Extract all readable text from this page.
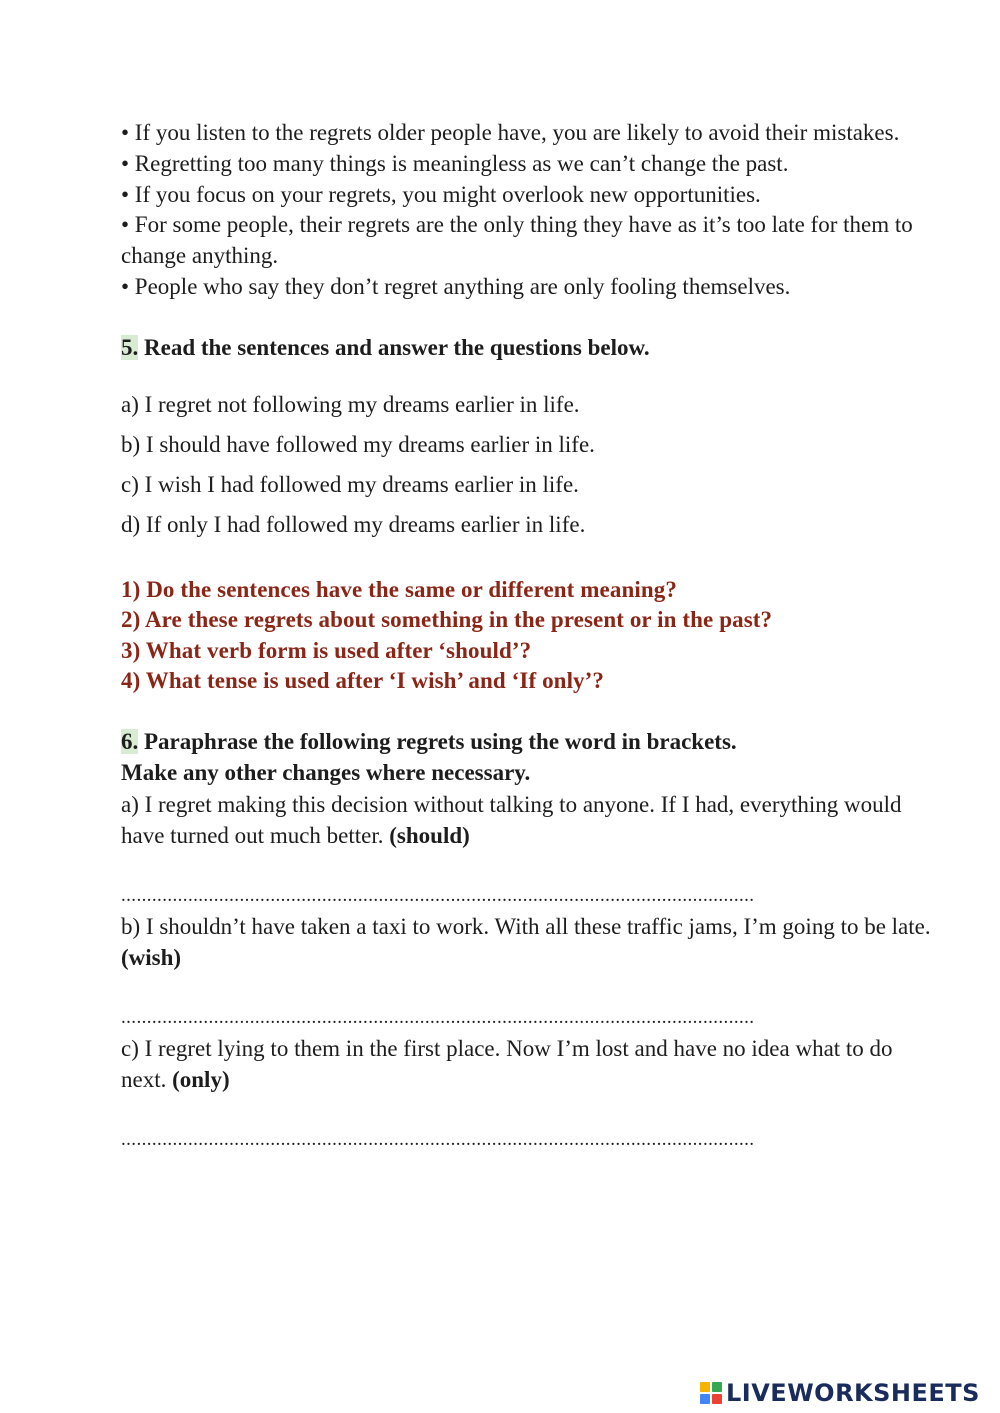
• If you listen to the regrets older people have, you are likely to avoid their mistakes.

• Regretting too many things is meaningless as we can’t change the past.

• If you focus on your regrets, you might overlook new opportunities.

• For some people, their regrets are the only thing they have as it’s too late for them to change anything.

• People who say they don’t regret anything are only fooling themselves.

5. Read the sentences and answer the questions below.

a) I regret not following my dreams earlier in life.

b) I should have followed my dreams earlier in life.

c) I wish I had followed my dreams earlier in life.

d) If only I had followed my dreams earlier in life.

1) Do the sentences have the same or different meaning?

2) Are these regrets about something in the present or in the past?

3) What verb form is used after ‘should’?

4) What tense is used after ‘I wish’ and ‘If only’?

6. Paraphrase the following regrets using the word in brackets.

Make any other changes where necessary.

a) I regret making this decision without talking to anyone. If I had, everything would have turned out much better. (should)

...........................................................................................................................

b) I shouldn’t have taken a taxi to work. With all these traffic jams, I’m going to be late. (wish)

...........................................................................................................................

c) I regret lying to them in the first place. Now I’m lost and have no idea what to do next. (only)

...........................................................................................................................

LIVEWORKSHEETS
